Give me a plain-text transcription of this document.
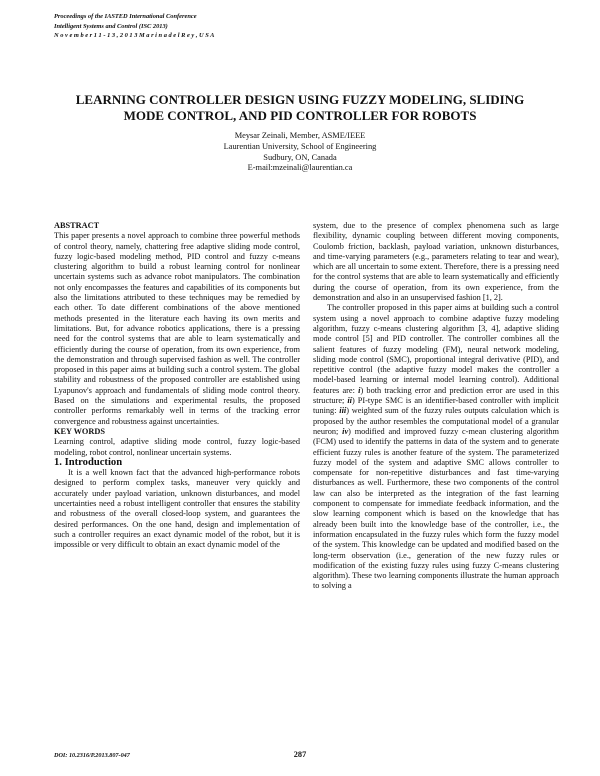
Proceedings of the IASTED International Conference
Intelligent Systems and Control (ISC 2013)
N o v e m b e r 1 1 - 1 3 , 2 0 1 3 M a r i n a d e l R e y , U S A
LEARNING CONTROLLER DESIGN USING FUZZY MODELING, SLIDING
MODE CONTROL, AND PID CONTROLLER FOR ROBOTS
Meysar Zeinali, Member, ASME/IEEE
Laurentian University, School of Engineering
Sudbury, ON, Canada
E-mail:mzeinali@laurentian.ca

ABSTRACT

This paper presents a novel approach to combine three powerful methods of control theory, namely, chattering free adaptive sliding mode control, fuzzy logic-based modeling method, PID control and fuzzy c-means clustering algorithm to build a robust learning control for nonlinear uncertain systems such as advance robot manipulators. The combination not only encompasses the features and capabilities of its components but also the limitations attributed to these techniques may be remedied by each other. To date different combinations of the above mentioned methods presented in the literature each having its own merits and limitations. But, for advance robotics applications, there is a pressing need for the control systems that are able to learn systematically and efficiently during the course of operation, from its own experience, from the demonstration and through supervised fashion as well. The controller proposed in this paper aims at building such a control system. The global stability and robustness of the proposed controller are established using Lyapunov's approach and fundamentals of sliding mode control theory. Based on the simulations and experimental results, the proposed controller performs remarkably well in terms of the tracking error convergence and robustness against uncertainties.

KEY WORDS

Learning control, adaptive sliding mode control, fuzzy logic-based modeling, robot control, nonlinear uncertain systems.

1. Introduction

It is a well known fact that the advanced high-performance robots designed to perform complex tasks, maneuver very quickly and accurately under payload variation, unknown disturbances, and model uncertainties need a robust intelligent controller that ensures the stability and robustness of the overall closed-loop system, and guarantees the desired performances. On the one hand, design and implementation of such a controller requires an exact dynamic model of the robot, but it is impossible or very difficult to obtain an exact dynamic model of the

system, due to the presence of complex phenomena such as large flexibility, dynamic coupling between different moving components, Coulomb friction, backlash, payload variation, unknown disturbances, and time-varying parameters (e.g., parameters relating to tear and wear), which are all uncertain to some extent. Therefore, there is a pressing need for the control systems that are able to learn systematically and efficiently during the course of operation, from its own experience, from the demonstration and also in an unsupervised fashion [1, 2].

The controller proposed in this paper aims at building such a control system using a novel approach to combine adaptive fuzzy modeling algorithm, fuzzy c-means clustering algorithm [3, 4], adaptive sliding mode control [5] and PID controller. The controller combines all the salient features of fuzzy modeling (FM), neural network modeling, sliding mode control (SMC), proportional integral derivative (PID), and repetitive control (the adaptive fuzzy model makes the controller a model-based learning or internal model learning control). Additional features are: i) both tracking error and prediction error are used in this structure; ii) PI-type SMC is an identifier-based controller with implicit tuning: iii) weighted sum of the fuzzy rules outputs calculation which is proposed by the author resembles the computational model of a granular neuron; iv) modified and improved fuzzy c-mean clustering algorithm (FCM) used to identify the patterns in data of the system and to generate efficient fuzzy rules is another feature of the system. The parameterized fuzzy model of the system and adaptive SMC allows controller to compensate for non-repetitive disturbances and fast time-varying disturbances as well. Furthermore, these two components of the control law can also be interpreted as the integration of the fast learning component to compensate for immediate feedback information, and the slow learning component which is based on the knowledge that has already been built into the knowledge base of the controller, i.e., the information encapsulated in the fuzzy rules which form the fuzzy model of the system. This knowledge can be updated and modified based on the long-term observation (i.e., generation of the new fuzzy rules or modification of the existing fuzzy rules using fuzzy C-means clustering algorithm). These two learning components illustrate the human approach to solving a

DOI: 10.2316/P.2013.807-047	287
